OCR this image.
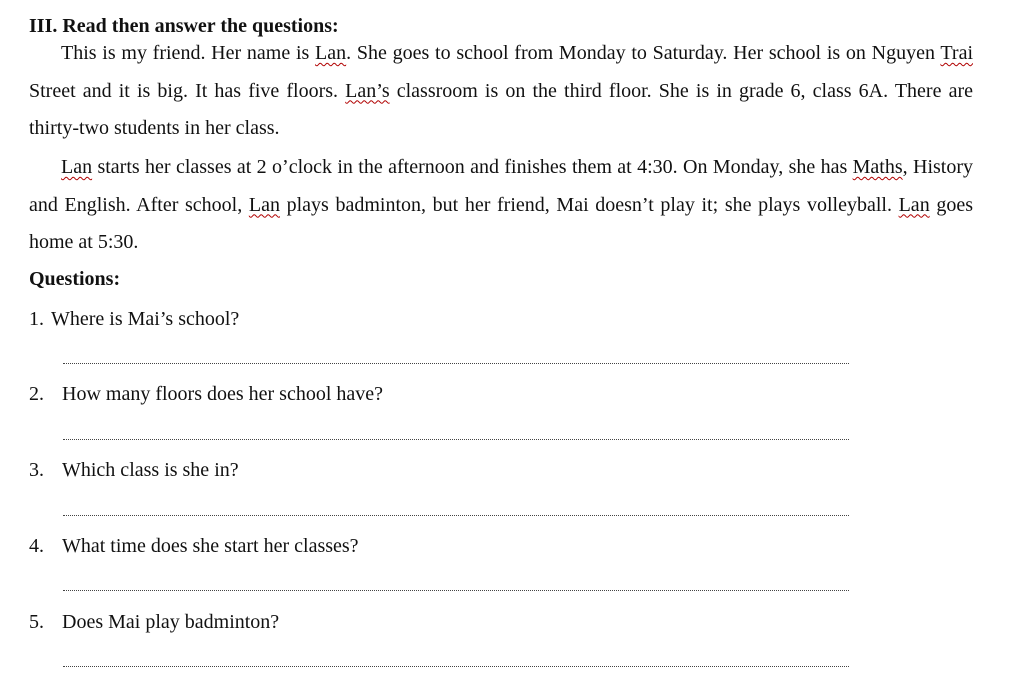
III. Read then answer the questions:

This is my friend. Her name is Lan. She goes to school from Monday to Saturday. Her school is on Nguyen Trai Street and it is big. It has five floors. Lan’s classroom is on the third floor. She is in grade 6, class 6A. There are thirty-two students in her class.

Lan starts her classes at 2 o’clock in the afternoon and finishes them at 4:30. On Monday, she has Maths, History and English. After school, Lan plays badminton, but her friend, Mai doesn’t play it; she plays volleyball. Lan goes home at 5:30.

Questions:
1. Where is Mai’s school?
2. How many floors does her school have?
3. Which class is she in?
4. What time does she start her classes?
5. Does Mai play badminton?
